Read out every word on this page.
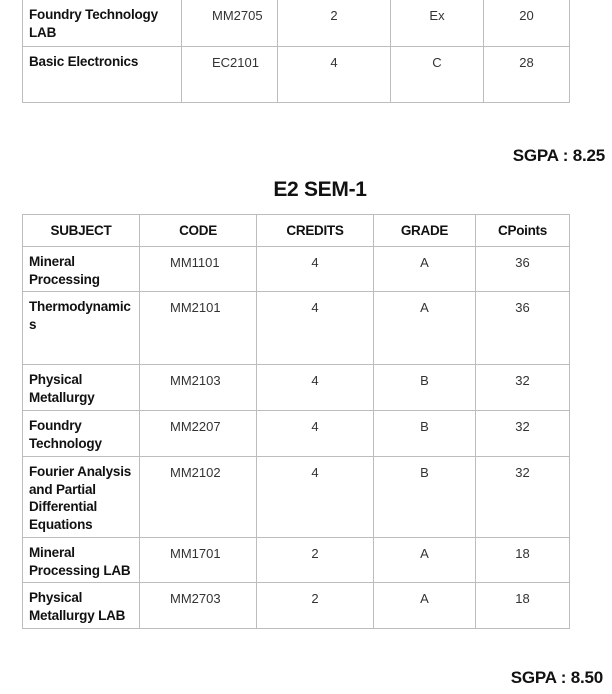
Foundry Technology LAB	MM2705	2	Ex	20
Basic Electronics	EC2101	4	C	28
SGPA : 8.25
E2 SEM-1
SUBJECT	CODE	CREDITS	GRADE	CPoints
Mineral Processing	MM1101	4	A	36
Thermodynamics	MM2101	4	A	36
Physical Metallurgy	MM2103	4	B	32
Foundry Technology	MM2207	4	B	32
Fourier Analysis and Partial Differential Equations	MM2102	4	B	32
Mineral Processing LAB	MM1701	2	A	18
Physical Metallurgy LAB	MM2703	2	A	18
SGPA : 8.50
